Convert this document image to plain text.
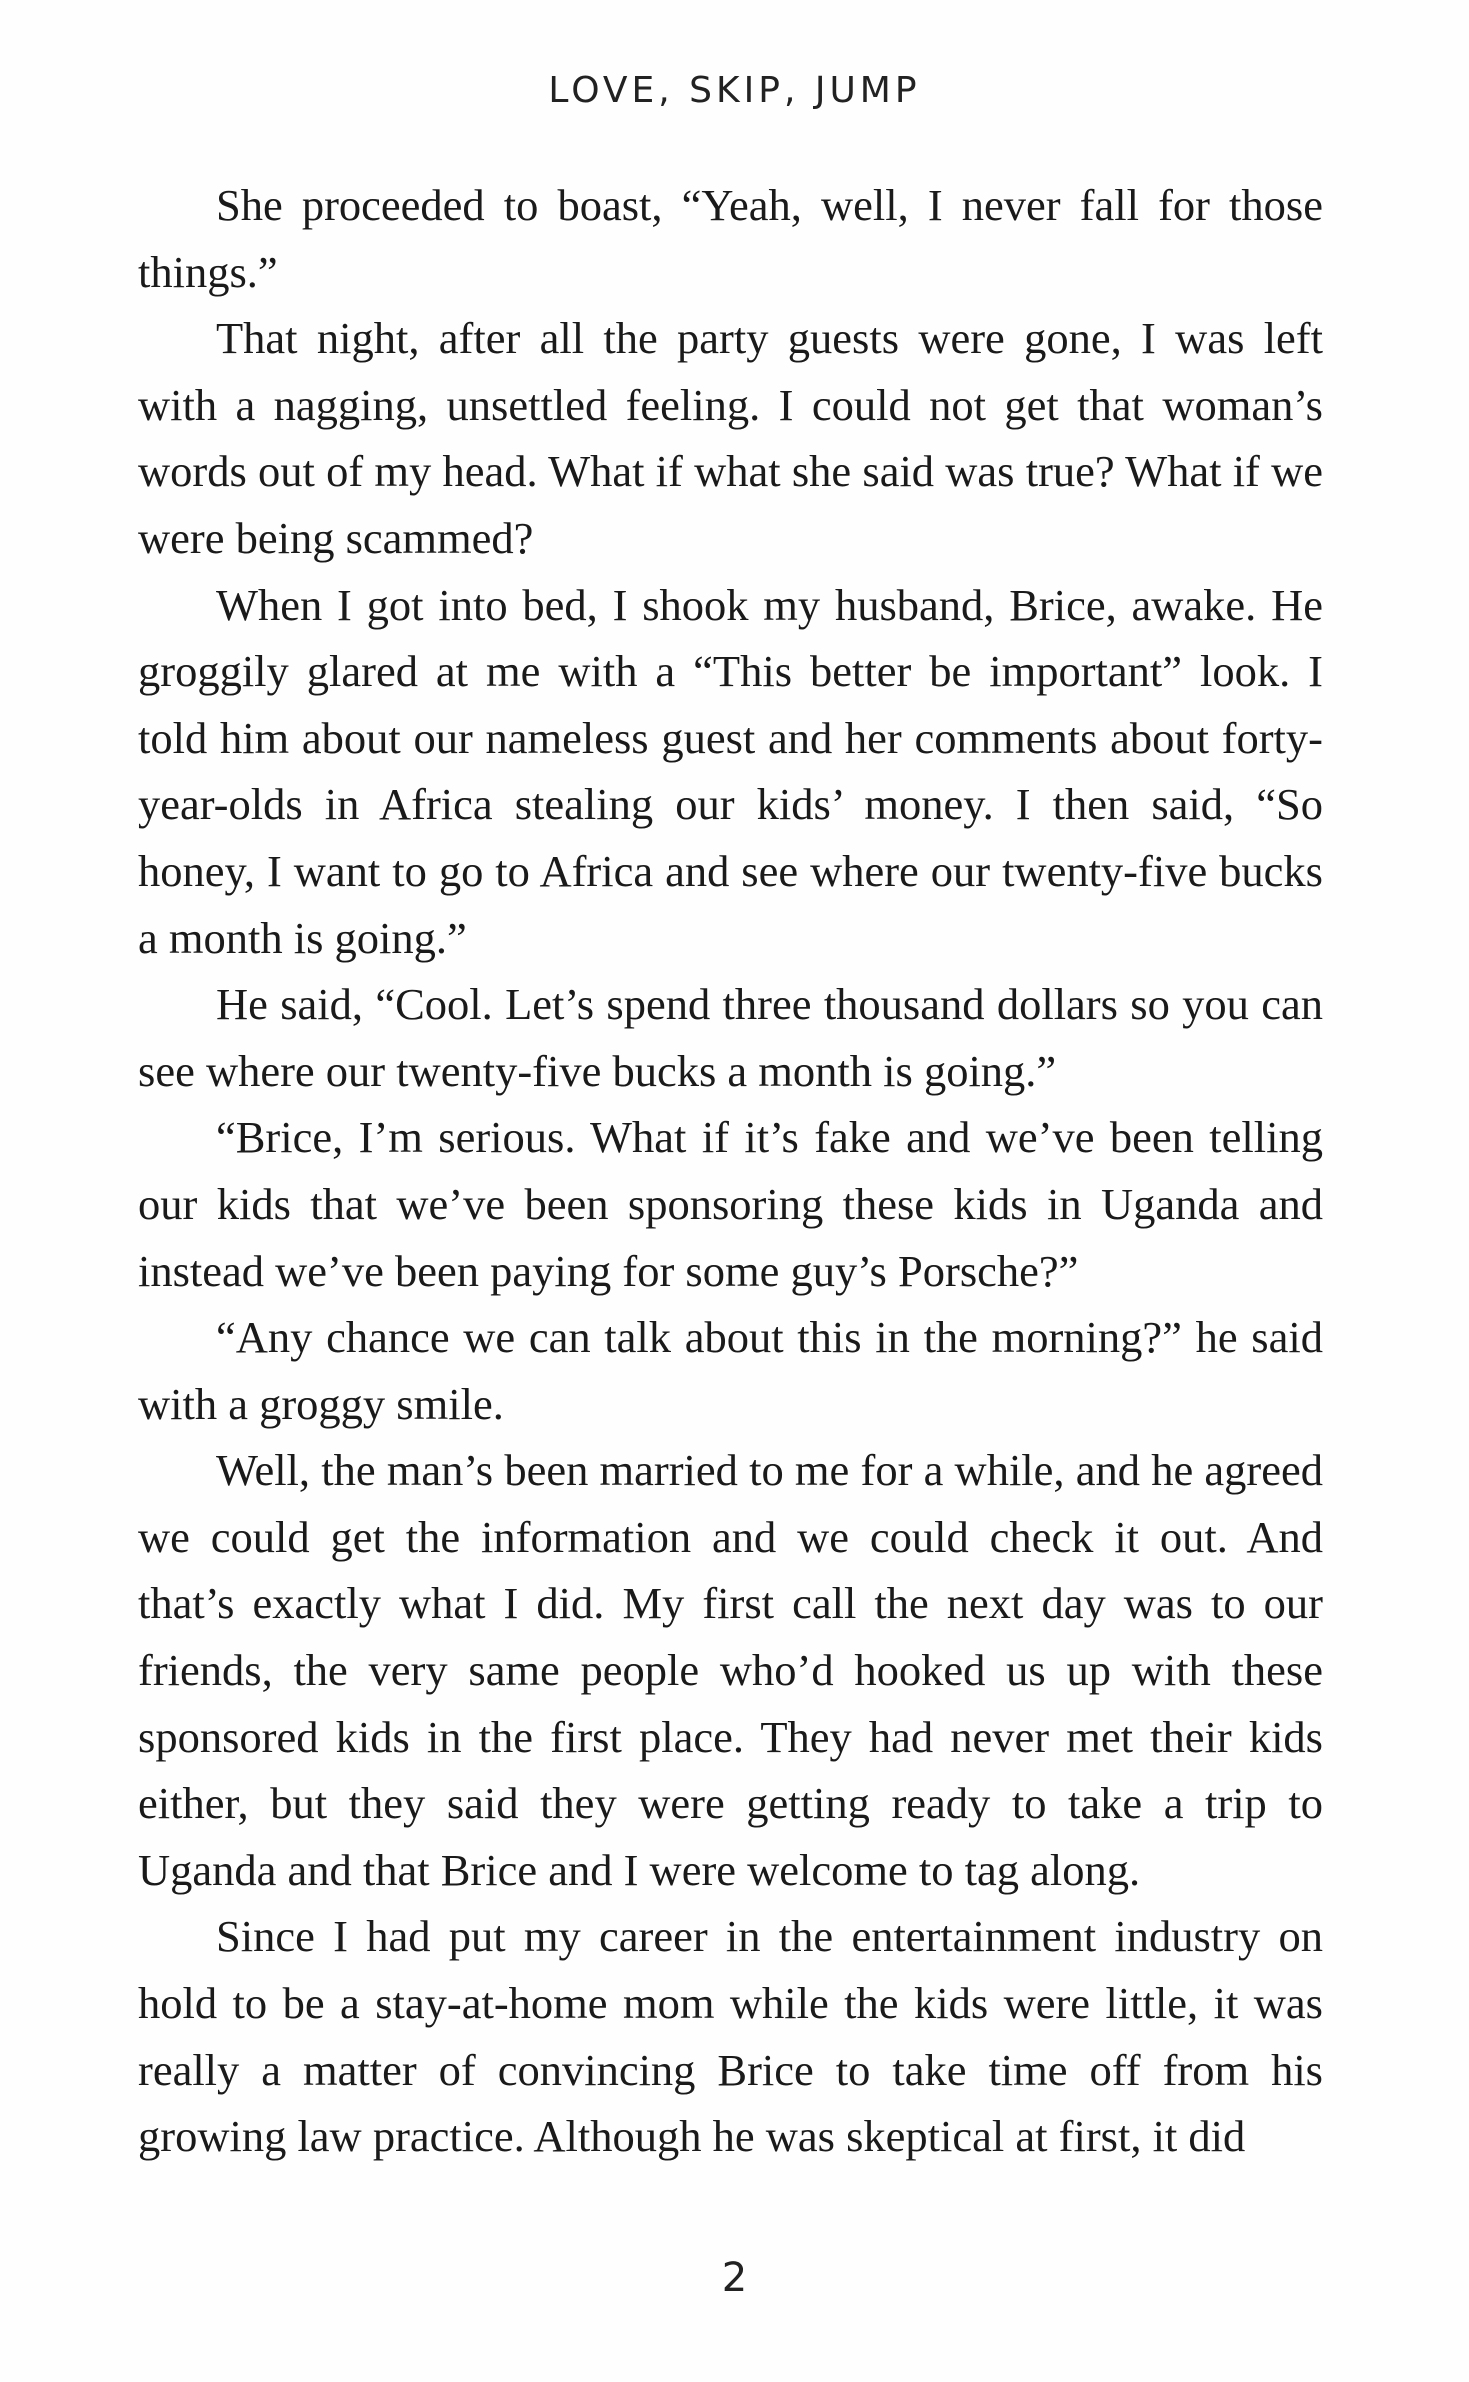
LOVE, SKIP, JUMP

She proceeded to boast, “Yeah, well, I never fall for those things.”

That night, after all the party guests were gone, I was left with a nagging, unsettled feeling. I could not get that woman’s words out of my head. What if what she said was true? What if we were being scammed?

When I got into bed, I shook my husband, Brice, awake. He groggily glared at me with a “This better be important” look. I told him about our nameless guest and her comments about forty-year-olds in Africa stealing our kids’ money. I then said, “So honey, I want to go to Africa and see where our twenty-five bucks a month is going.”

He said, “Cool. Let’s spend three thousand dollars so you can see where our twenty-five bucks a month is going.”

“Brice, I’m serious. What if it’s fake and we’ve been telling our kids that we’ve been sponsoring these kids in Uganda and instead we’ve been paying for some guy’s Porsche?”

“Any chance we can talk about this in the morning?” he said with a groggy smile.

Well, the man’s been married to me for a while, and he agreed we could get the information and we could check it out. And that’s exactly what I did. My first call the next day was to our friends, the very same people who’d hooked us up with these sponsored kids in the first place. They had never met their kids either, but they said they were getting ready to take a trip to Uganda and that Brice and I were welcome to tag along.

Since I had put my career in the entertainment industry on hold to be a stay-at-home mom while the kids were little, it was really a matter of convincing Brice to take time off from his growing law practice. Although he was skeptical at first, it did

2
